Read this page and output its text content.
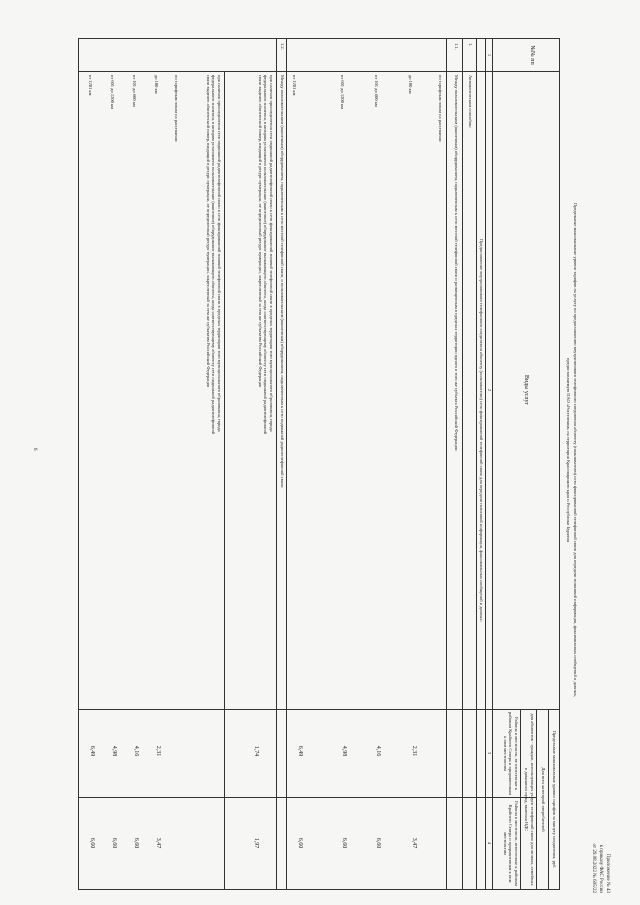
6
Приложение № 43
к приказу ФАС России
от 29.08.2022 № 605/22
Предельные максимальные уровни тарифов на услугу по предоставлению внутризонового телефонного соединения абоненту (пользователю) сети фиксированной телефонной связи для передачи голосовой информации, факсимильных сообщений и данных,
предоставляемую ПАО «Ростелеком» на территории Красноярского края и Республики Бурятия
№№ пп
Виды услуг
Предельные максимальные уровни тарифов за минуту соединения, руб.
Для всех категорий потребителей
для абонентов - граждан, использующих услуги телефонной связи для личных, семейных и домашних нужд, включая НДС
Районы и местности, не отнесенные к районам Крайнего Севера и приравненным к ним местностям
Районы и местности, отнесенные к районам Крайнего Севера и приравненным к ним местностям
1
2
3
4
Предоставление внутризонового телефонного соединения абоненту (пользователю) сети фиксированной телефонной связи для передачи голосовой информации, факсимильных сообщений и данных:
1.
Автоматическим способом:
1.1.
Между пользовательским (оконечным) оборудованием, подключенным к сети местной телефонной связи и размещенным в пределах территории одного и того же субъекта Российской Федерации:
по тарифным зонам на расстоянии:
до 100 км
от 101 до 600 км
от 601 до 1200 км
от 1201 км
2,31
4,16
4,98
6,49
3,47
6,60
6,60
6,60
1.2.
Между пользовательским (оконечным) оборудованием, подключенным к сети местной телефонной связи, и пользовательским (оконечным) оборудованием, подключенным к сети подвижной радиотелефонной связи:
при наличии присоединения сети подвижной радиотелефонной связи к сети фиксированной зоновой телефонной связи в пределах территории того муниципального образования, города федерального значения, в котором установлено пользовательское (оконечное) оборудование вызывающего абонента, когда соответствующему абоненту сети подвижной радиотелефонной связи выделен абонентский номер, входящий в ресурс нумерации, не определенный ресурс нумерации, закрепленный за тем же субъектом Российской Федерации
1,74
1,97
при наличии присоединения сети подвижной радиотелефонной связи к сети фиксированной зоновой телефонной связи в пределах территории того муниципального образования, города федерального значения, в котором установлено пользовательское (оконечное) оборудование вызывающего абонента, когда соответствующему абоненту сети подвижной радиотелефонной связи выделен абонентский номер, входящий в ресурс нумерации, не определенный ресурс нумерации, закрепленный за тем же субъектом Российской Федерации
по тарифным зонам на расстоянии:
до 100 км
от 101 до 600 км
от 601 до 1200 км
от 1201 км
2,31
4,16
4,98
6,49
3,47
6,60
6,60
6,60
